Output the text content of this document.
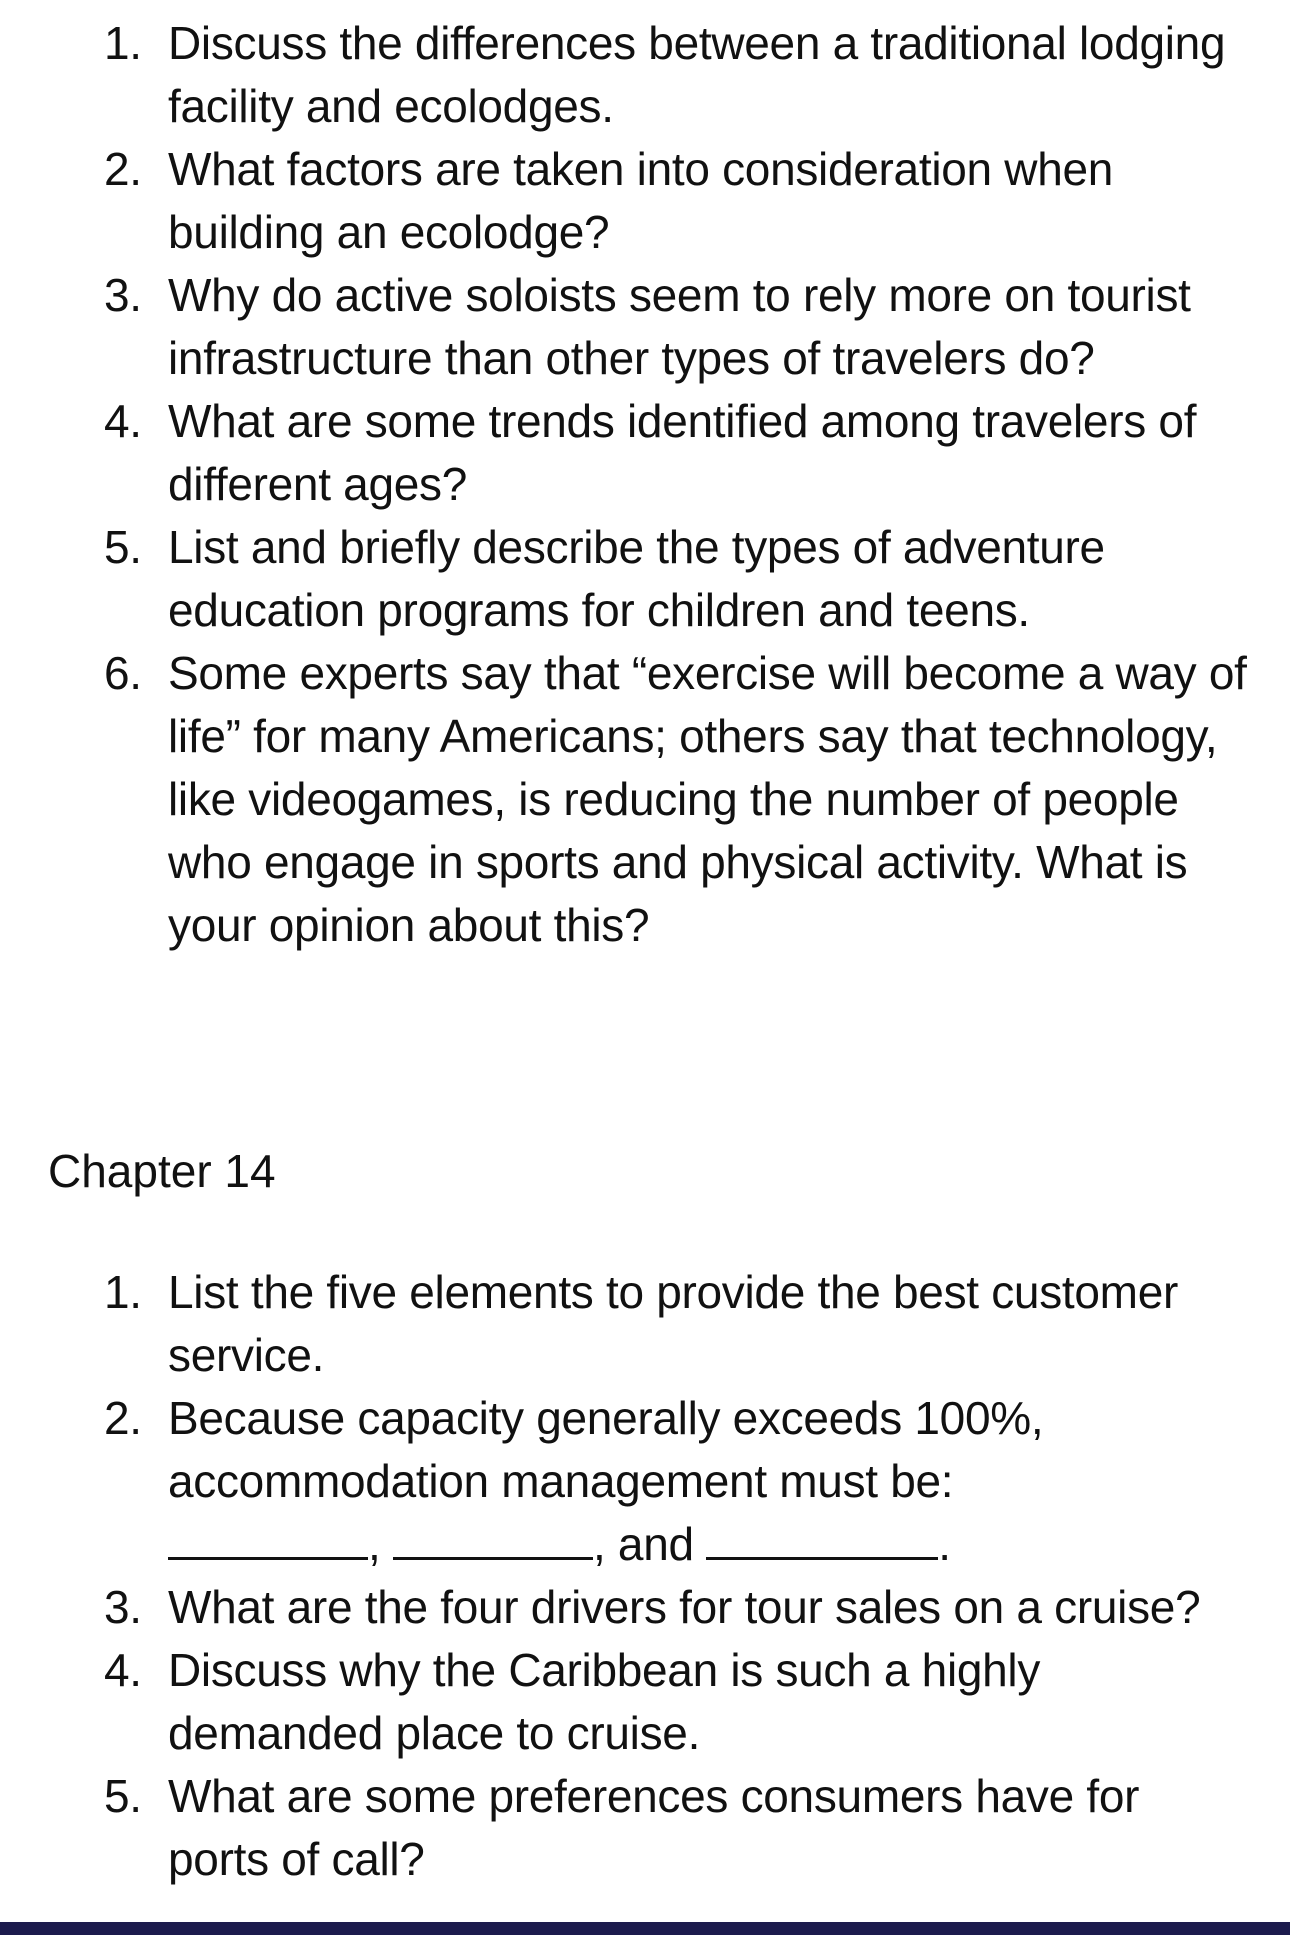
1. Discuss the differences between a traditional lodging facility and ecolodges.
2. What factors are taken into consideration when building an ecolodge?
3. Why do active soloists seem to rely more on tourist infrastructure than other types of travelers do?
4. What are some trends identified among travelers of different ages?
5. List and briefly describe the types of adventure education programs for children and teens.
6. Some experts say that “exercise will become a way of life” for many Americans; others say that technology, like videogames, is reducing the number of people who engage in sports and physical activity. What is your opinion about this?
Chapter 14
1. List the five elements to provide the best customer service.
2. Because capacity generally exceeds 100%, accommodation management must be:
,	, and	.
3. What are the four drivers for tour sales on a cruise?
4. Discuss why the Caribbean is such a highly demanded place to cruise.
5. What are some preferences consumers have for ports of call?
